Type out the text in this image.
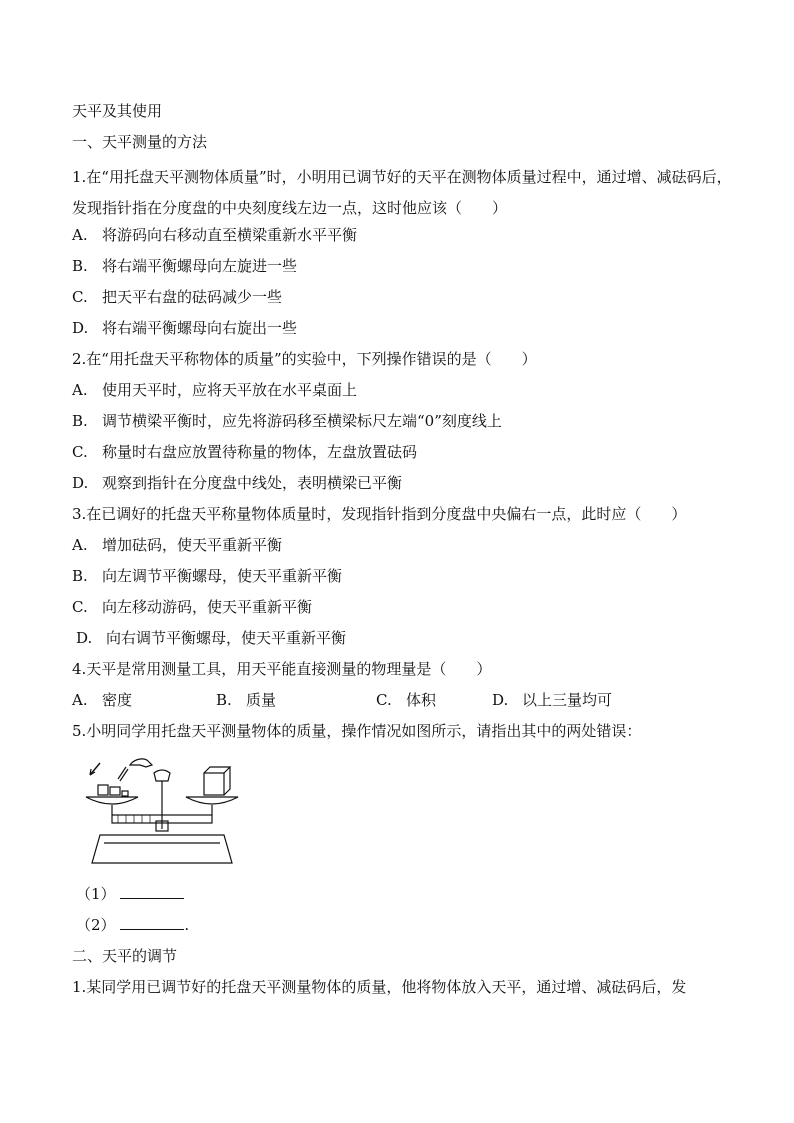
天平及其使用
一、天平测量的方法
1.在“用托盘天平测物体质量”时，小明用已调节好的天平在测物体质量过程中，通过增、减砝码后，发现指针指在分度盘的中央刻度线左边一点，这时他应该（　　）
A. 将游码向右移动直至横梁重新水平平衡
B. 将右端平衡螺母向左旋进一些
C. 把天平右盘的砝码减少一些
D. 将右端平衡螺母向右旋出一些
2.在“用托盘天平称物体的质量”的实验中，下列操作错误的是（　　）
A. 使用天平时，应将天平放在水平桌面上
B. 调节横梁平衡时，应先将游码移至横梁标尺左端“0”刻度线上
C. 称量时右盘应放置待称量的物体，左盘放置砝码
D. 观察到指针在分度盘中线处，表明横梁已平衡
3.在已调好的托盘天平称量物体质量时，发现指针指到分度盘中央偏右一点，此时应（　　）
A. 增加砝码，使天平重新平衡
B. 向左调节平衡螺母，使天平重新平衡
C. 向左移动游码，使天平重新平衡
D. 向右调节平衡螺母，使天平重新平衡
4.天平是常用测量工具，用天平能直接测量的物理量是（　　）
A. 密度	B. 质量	C. 体积	D. 以上三量均可
5.小明同学用托盘天平测量物体的质量，操作情况如图所示，请指出其中的两处错误：
（1）
（2）	.
二、天平的调节
1.某同学用已调节好的托盘天平测量物体的质量，他将物体放入天平，通过增、减砝码后，发
